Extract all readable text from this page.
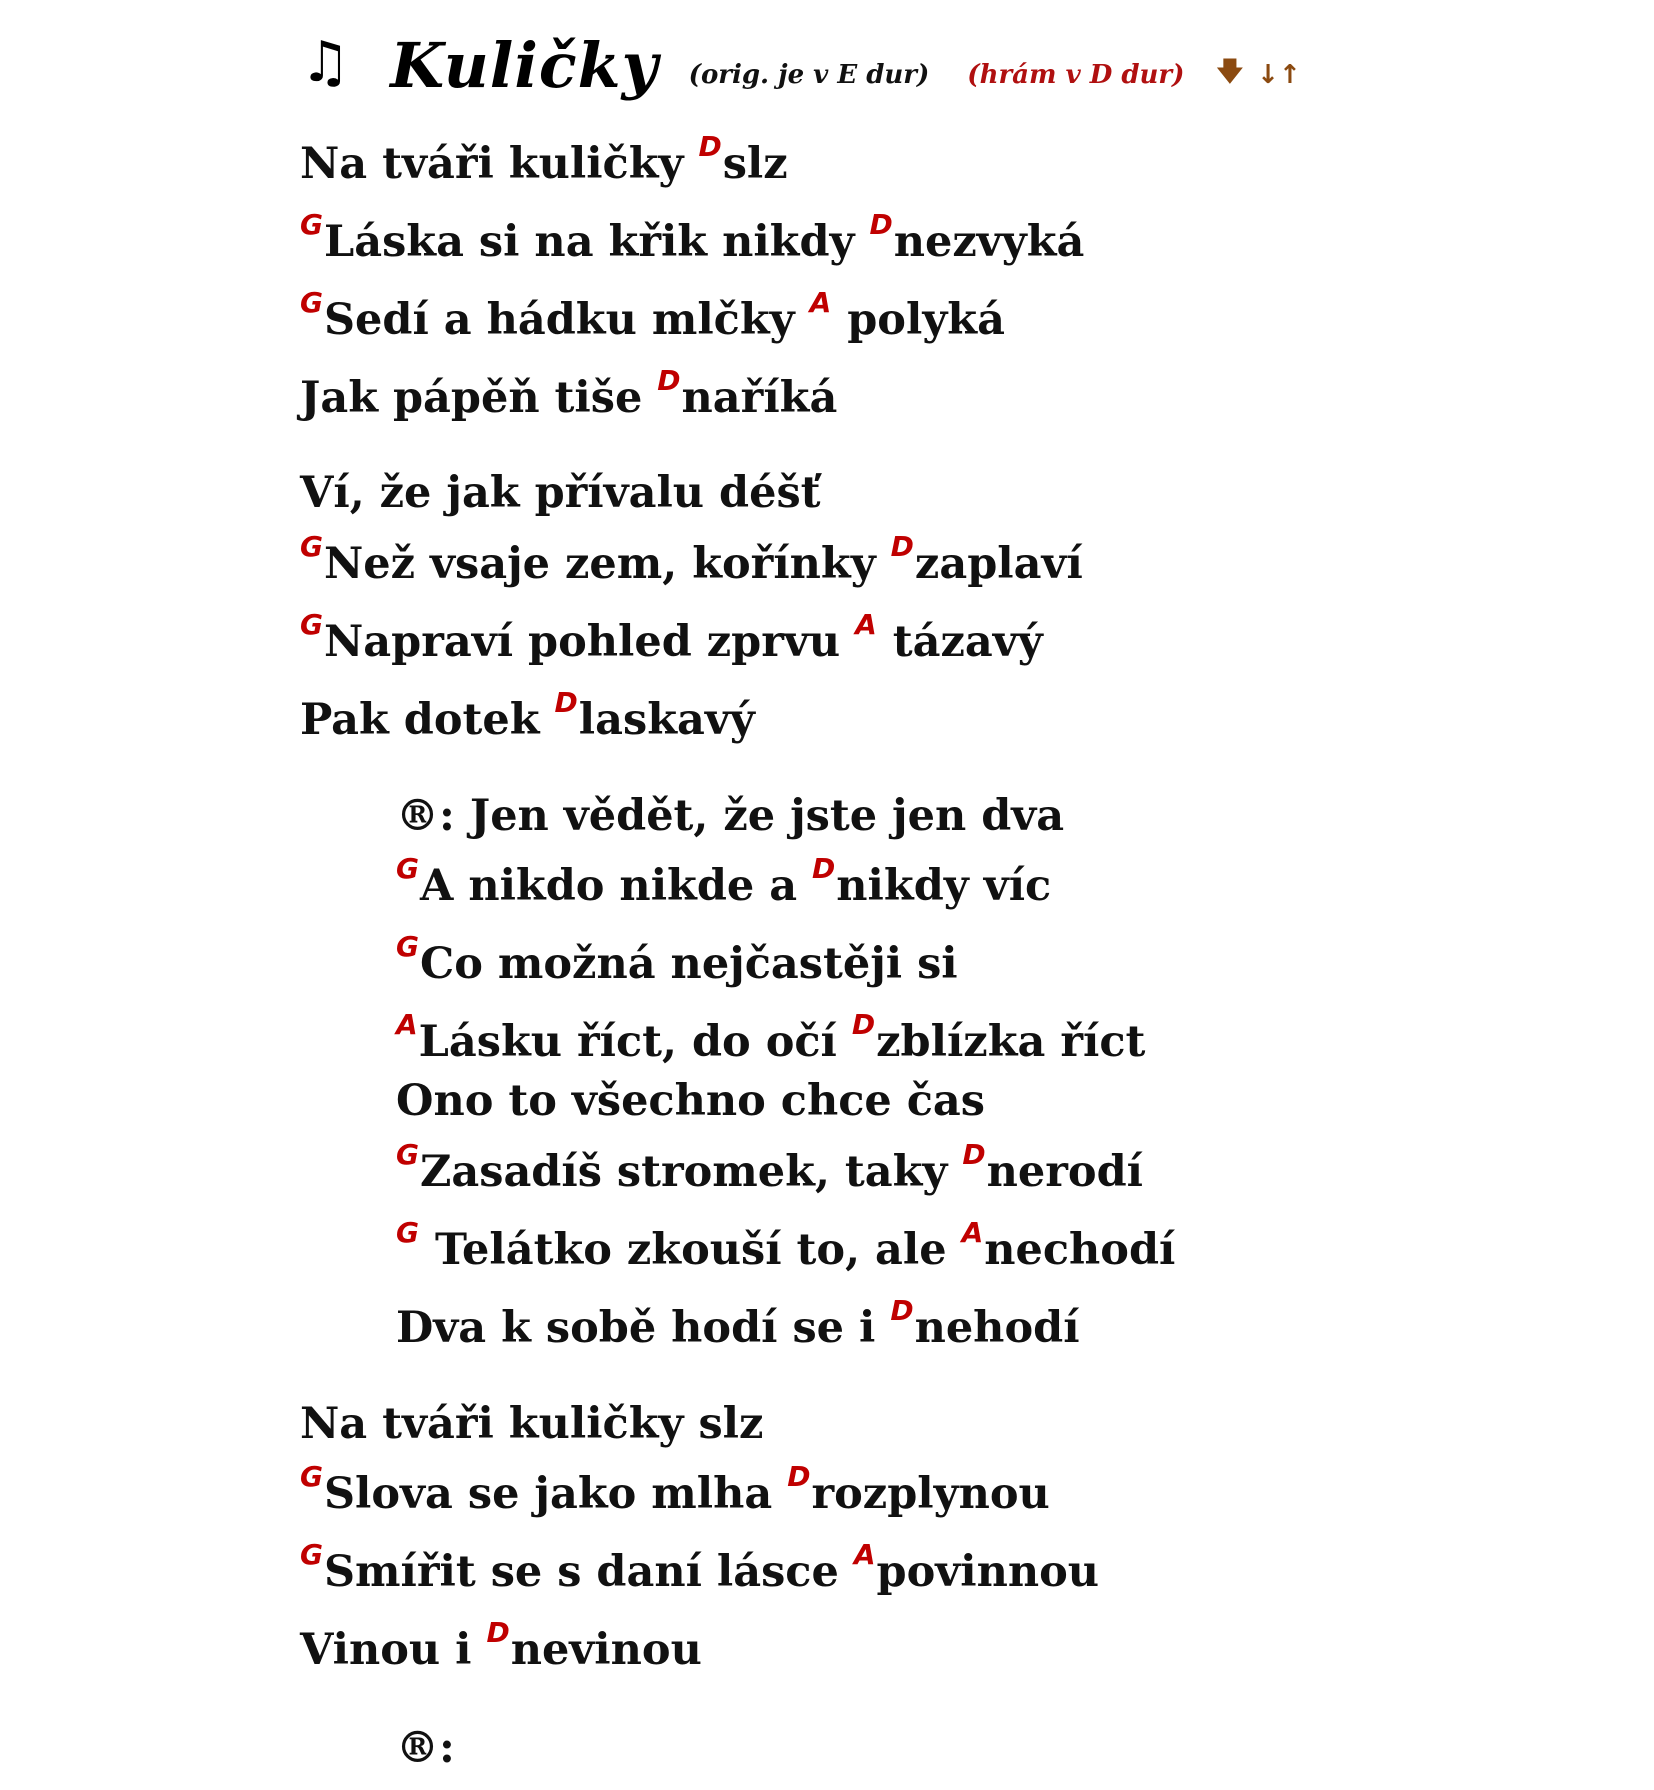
♫ Kuličky (orig. je v E dur) (hrám v D dur) 🡇 ↓↑
Na tváři kuličky $^D$slz
$^G$Láska si na křik nikdy $^D$nezvyká
$^G$Sedí a hádku mlčky $^A$ polyká
Jak pápěň tiše $^D$naříká
Ví, že jak přívalu déšť
$^G$Než vsaje zem, kořínky $^D$zaplaví
$^G$Napraví pohled zprvu $^A$ tázavý
Pak dotek $^D$laskavý
®: Jen vědět, že jste jen dva
$^G$A nikdo nikde a $^D$nikdy víc
$^G$Co možná nejčastěji si
$^A$Lásku říct, do očí $^D$zblízka říct
Ono to všechno chce čas
$^G$Zasadíš stromek, taky $^D$nerodí
$^G$ Telátko zkouší to, ale $^A$nechodí
Dva k sobě hodí se i $^D$nehodí
Na tváři kuličky slz
$^G$Slova se jako mlha $^D$rozplynou
$^G$Smířit se s daní lásce $^A$povinnou
Vinou i $^D$nevinou
®:
